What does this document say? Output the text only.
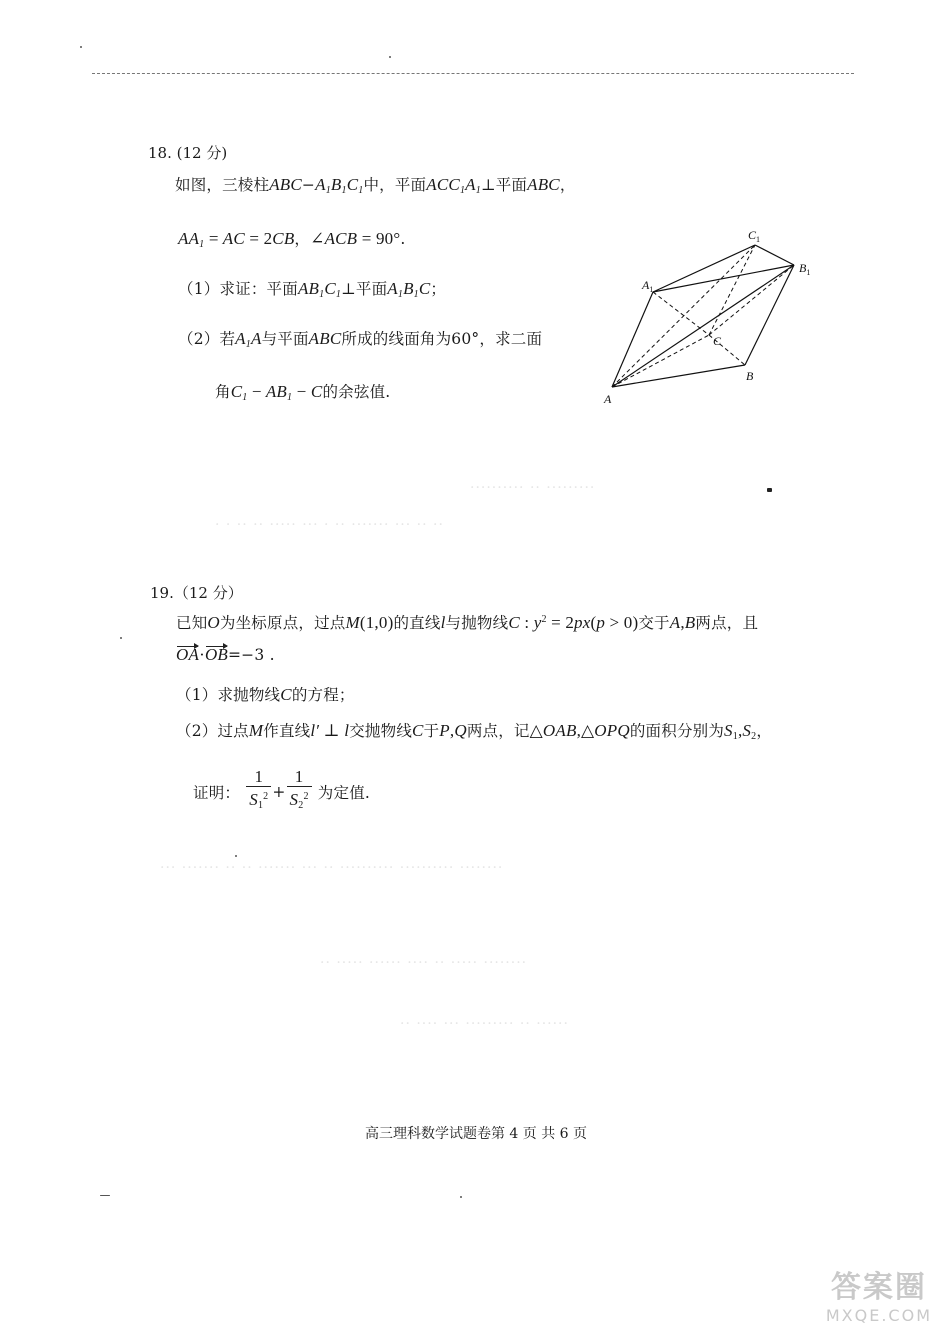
18. (12 分)
如图，三棱柱$ABC-A_1B_1C_1$中，平面$ACC_1A_1\perp$平面ABC，
$AA_1$ = AC = 2CB，∠ACB = 90°.
（1）求证：平面$AB_1C_1\perp$平面$A_1B_1C$；
（2）若$A_1A$与平面ABC所成的线面角为60°，求二面
角$C_1 - AB_1 - C$的余弦值.	A
$A_1$
$C_1$
$B_1$
C
B
·········· ·· ·········
· · ·· ·· ····· ··· · ·· ······· ··· ·· ··
··· ······· ·· ·· ······· ··· ·· ·········· ·········· ········
·· ····· ······ ···· ·· ····· ········
·· ···· ··· ········· ·· ······
19.（12 分）
已知O为坐标原点，过点M(1,0)的直线l与抛物线C : $y^2 = 2px(p > 0)$交于A,B两点，且
OA·OB=−3 .
（1）求抛物线C的方程；
（2）过点M作直线l′ ⊥ l交抛物线C于P,Q两点，记△OAB,△OPQ的面积分别为$S_1,S_2$，
证明： $\frac{1}{S_1^2} + \frac{1}{S_2^2}$ 为定值.
高三理科数学试题卷第 4 页 共 6 页
答案圈
MXQE.COM
